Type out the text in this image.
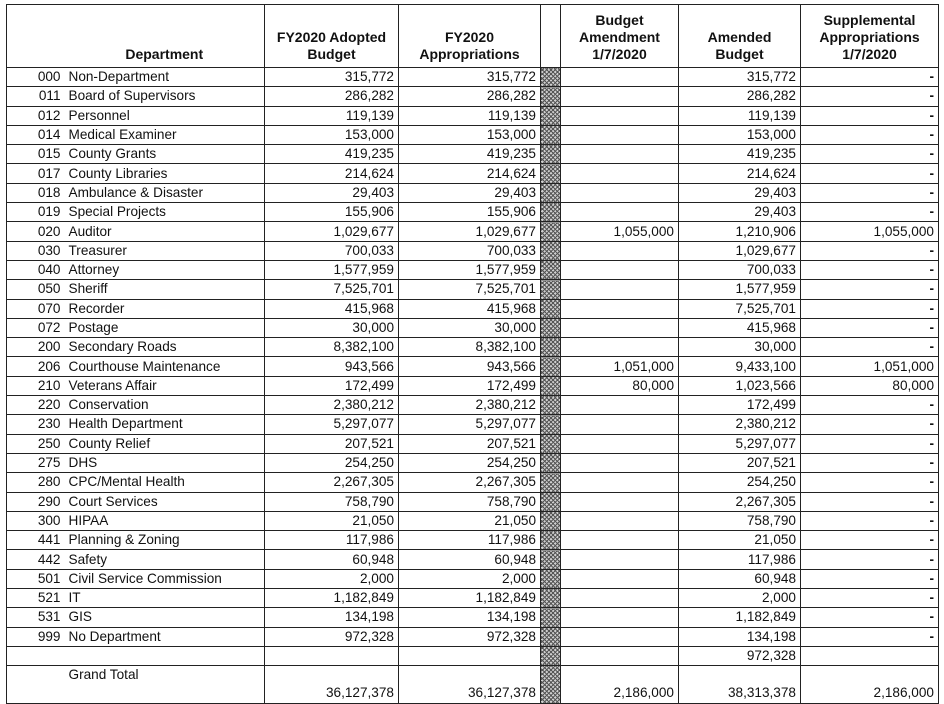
	Department	FY2020 Adopted Budget	FY2020 Appropriations		Budget Amendment 1/7/2020	Amended Budget	Supplemental Appropriations 1/7/2020
000	Non-Department	315,772	315,772			315,772	-
011	Board of Supervisors	286,282	286,282			286,282	-
012	Personnel	119,139	119,139			119,139	-
014	Medical Examiner	153,000	153,000			153,000	-
015	County Grants	419,235	419,235			419,235	-
017	County Libraries	214,624	214,624			214,624	-
018	Ambulance & Disaster	29,403	29,403			29,403	-
019	Special Projects	155,906	155,906			29,403	-
020	Auditor	1,029,677	1,029,677		1,055,000	1,210,906	1,055,000
030	Treasurer	700,033	700,033			1,029,677	-
040	Attorney	1,577,959	1,577,959			700,033	-
050	Sheriff	7,525,701	7,525,701			1,577,959	-
070	Recorder	415,968	415,968			7,525,701	-
072	Postage	30,000	30,000			415,968	-
200	Secondary Roads	8,382,100	8,382,100			30,000	-
206	Courthouse Maintenance	943,566	943,566		1,051,000	9,433,100	1,051,000
210	Veterans Affair	172,499	172,499		80,000	1,023,566	80,000
220	Conservation	2,380,212	2,380,212			172,499	-
230	Health Department	5,297,077	5,297,077			2,380,212	-
250	County Relief	207,521	207,521			5,297,077	-
275	DHS	254,250	254,250			207,521	-
280	CPC/Mental Health	2,267,305	2,267,305			254,250	-
290	Court Services	758,790	758,790			2,267,305	-
300	HIPAA	21,050	21,050			758,790	-
441	Planning & Zoning	117,986	117,986			21,050	-
442	Safety	60,948	60,948			117,986	-
501	Civil Service Commission	2,000	2,000			60,948	-
521	IT	1,182,849	1,182,849			2,000	-
531	GIS	134,198	134,198			1,182,849	-
999	No Department	972,328	972,328			134,198	-
						972,328	
	Grand Total	36,127,378	36,127,378		2,186,000	38,313,378	2,186,000
